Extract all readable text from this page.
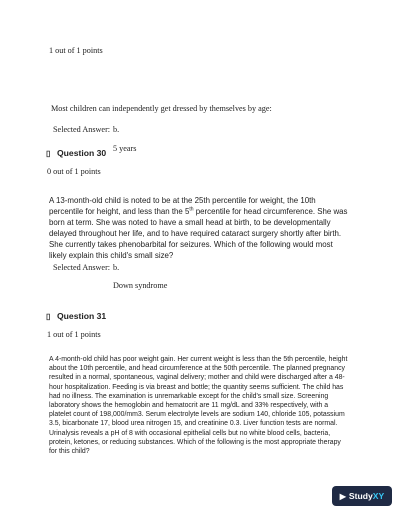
1 out of 1 points
Most children can independently get dressed by themselves by age:
Selected Answer: b.
5 years
▯ Question 30
0 out of 1 points
A 13-month-old child is noted to be at the 25th percentile for weight, the 10th percentile for height, and less than the 5th percentile for head circumference. She was born at term. She was noted to have a small head at birth, to be developmentally delayed throughout her life, and to have required cataract surgery shortly after birth. She currently takes phenobarbital for seizures. Which of the following would most likely explain this child's small size?
Selected Answer: b.
Down syndrome
▯ Question 31
1 out of 1 points
A 4-month-old child has poor weight gain. Her current weight is less than the 5th percentile, height about the 10th percentile, and head circumference at the 50th percentile. The planned pregnancy resulted in a normal, spontaneous, vaginal delivery; mother and child were discharged after a 48-hour hospitalization. Feeding is via breast and bottle; the quantity seems sufficient. The child has had no illness. The examination is unremarkable except for the child's small size. Screening laboratory shows the hemoglobin and hematocrit are 11 mg/dL and 33% respectively, with a platelet count of 198,000/mm3. Serum electrolyte levels are sodium 140, chloride 105, potassium 3.5, bicarbonate 17, blood urea nitrogen 15, and creatinine 0.3. Liver function tests are normal. Urinalysis reveals a pH of 8 with occasional epithelial cells but no white blood cells, bacteria, protein, ketones, or reducing substances. Which of the following is the most appropriate therapy for this child?
▶ Study XY
